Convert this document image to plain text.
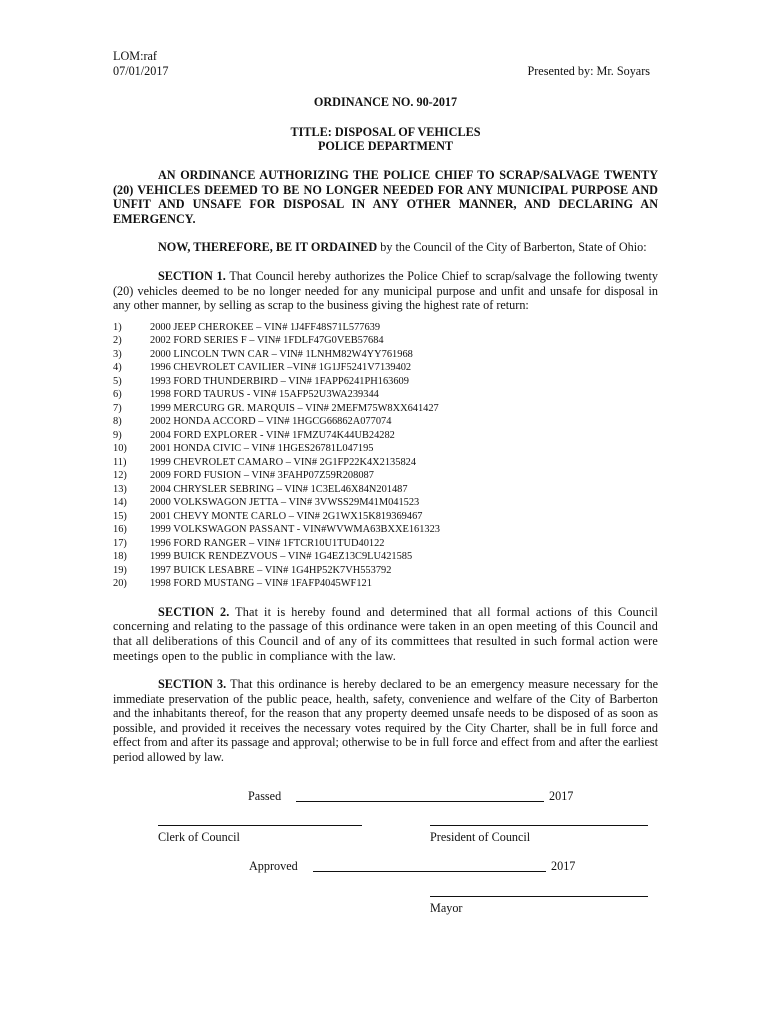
LOM:raf
07/01/2017	Presented by: Mr. Soyars
ORDINANCE NO. 90-2017
TITLE: DISPOSAL OF VEHICLES
POLICE DEPARTMENT
AN ORDINANCE AUTHORIZING THE POLICE CHIEF TO SCRAP/SALVAGE TWENTY (20) VEHICLES DEEMED TO BE NO LONGER NEEDED FOR ANY MUNICIPAL PURPOSE AND UNFIT AND UNSAFE FOR DISPOSAL IN ANY OTHER MANNER, AND DECLARING AN EMERGENCY.

NOW, THEREFORE, BE IT ORDAINED by the Council of the City of Barberton, State of Ohio:

SECTION 1. That Council hereby authorizes the Police Chief to scrap/salvage the following twenty (20) vehicles deemed to be no longer needed for any municipal purpose and unfit and unsafe for disposal in any other manner, by selling as scrap to the business giving the highest rate of return:

1)	2000 JEEP CHEROKEE – VIN# 1J4FF48S71L577639
2)	2002 FORD SERIES F – VIN# 1FDLF47G0VEB57684
3)	2000 LINCOLN TWN CAR – VIN# 1LNHM82W4YY761968
4)	1996 CHEVROLET CAVILIER –VIN# 1G1JF5241V7139402
5)	1993 FORD THUNDERBIRD – VIN# 1FAPP6241PH163609
6)	1998 FORD TAURUS - VIN# 15AFP52U3WA239344
7)	1999 MERCURG GR. MARQUIS – VIN# 2MEFM75W8XX641427
8)	2002 HONDA ACCORD – VIN# 1HGCG66862A077074
9)	2004 FORD EXPLORER - VIN# 1FMZU74K44UB24282
10)	2001 HONDA CIVIC – VIN# 1HGES26781L047195
11)	1999 CHEVROLET CAMARO – VIN# 2G1FP22K4X2135824
12)	2009 FORD FUSION – VIN# 3FAHP07Z59R208087
13)	2004 CHRYSLER SEBRING – VIN# 1C3EL46X84N201487
14)	2000 VOLKSWAGON JETTA – VIN# 3VWSS29M41M041523
15)	2001 CHEVY MONTE CARLO – VIN# 2G1WX15K819369467
16)	1999 VOLKSWAGON PASSANT - VIN#WVWMA63BXXE161323
17)	1996 FORD RANGER – VIN# 1FTCR10U1TUD40122
18)	1999 BUICK RENDEZVOUS – VIN# 1G4EZ13C9LU421585
19)	1997 BUICK LESABRE – VIN# 1G4HP52K7VH553792
20)	1998 FORD MUSTANG – VIN# 1FAFP4045WF121

SECTION 2. That it is hereby found and determined that all formal actions of this Council concerning and relating to the passage of this ordinance were taken in an open meeting of this Council and that all deliberations of this Council and of any of its committees that resulted in such formal action were meetings open to the public in compliance with the law.

SECTION 3. That this ordinance is hereby declared to be an emergency measure necessary for the immediate preservation of the public peace, health, safety, convenience and welfare of the City of Barberton and the inhabitants thereof, for the reason that any property deemed unsafe needs to be disposed of as soon as possible, and provided it receives the necessary votes required by the City Charter, shall be in full force and effect from and after its passage and approval; otherwise to be in full force and effect from and after the earliest period allowed by law.

Passed	2017
Clerk of Council	President of Council
Approved	2017
Mayor
